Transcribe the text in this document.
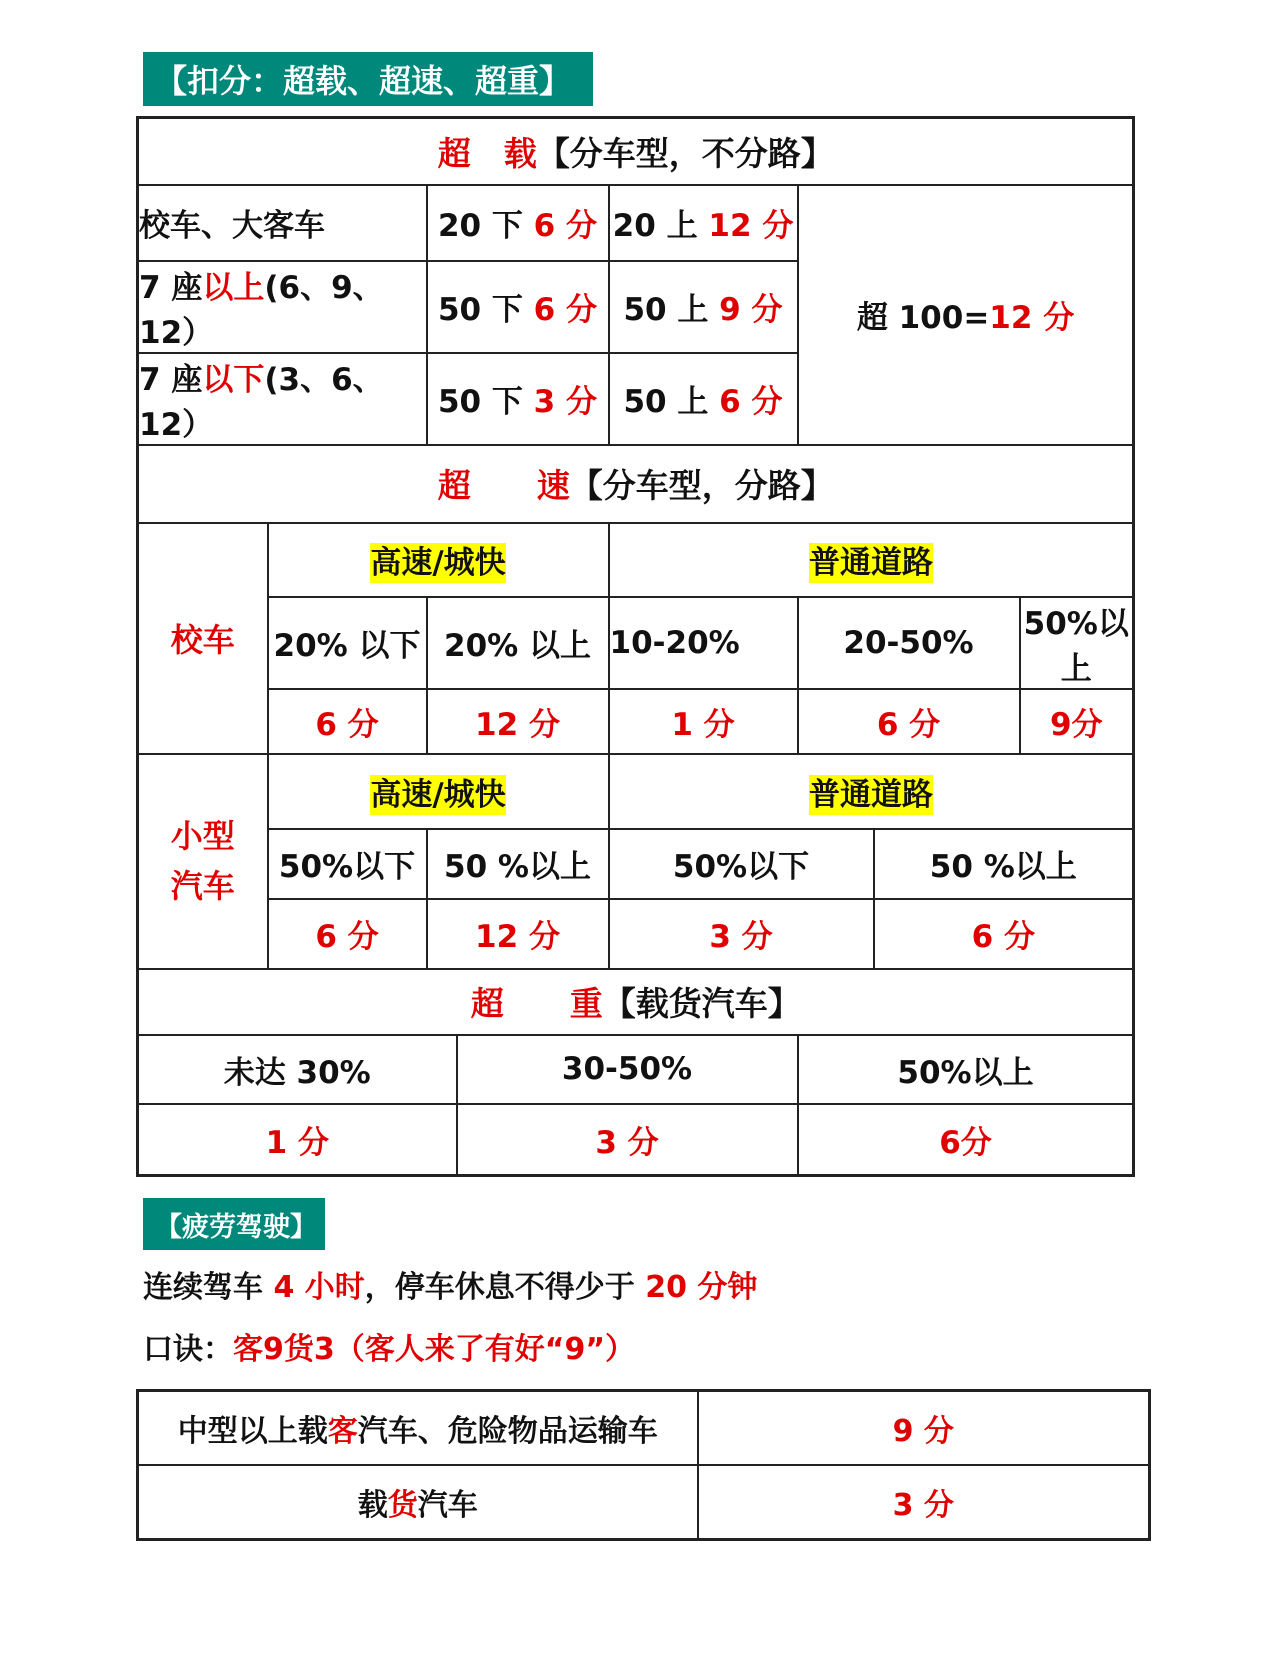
【扣分：超载、超速、超重】
超　载【分车型，不分路】							
校车、大客车		20 下 6 分		20 上 12 分	超 100=12 分		
7 座以上(6、9、12）		50 下 6 分		50 上 9 分			
7 座以下(3、6、12）		50 下 3 分		50 上 6 分			
超　　速【分车型，分路】							
校车	高速/城快			普通道路			
	20% 以下	20% 以上		10-20%	20-50%		50%以上
	6 分	12 分		1 分	6 分		9分
小型
汽车	高速/城快			普通道路			
	50%以下	50 %以上		50%以下		50 %以上	
	6 分	12 分		3 分		6 分	
超　　重【载货汽车】							
未达 30%			30-50%		50%以上		
1 分			3 分		6分		
【疲劳驾驶】
连续驾车 4 小时，停车休息不得少于 20 分钟
口诀：客9货3（客人来了有好“9”）
中型以上载客汽车、危险物品运输车	9 分
载货汽车	3 分
